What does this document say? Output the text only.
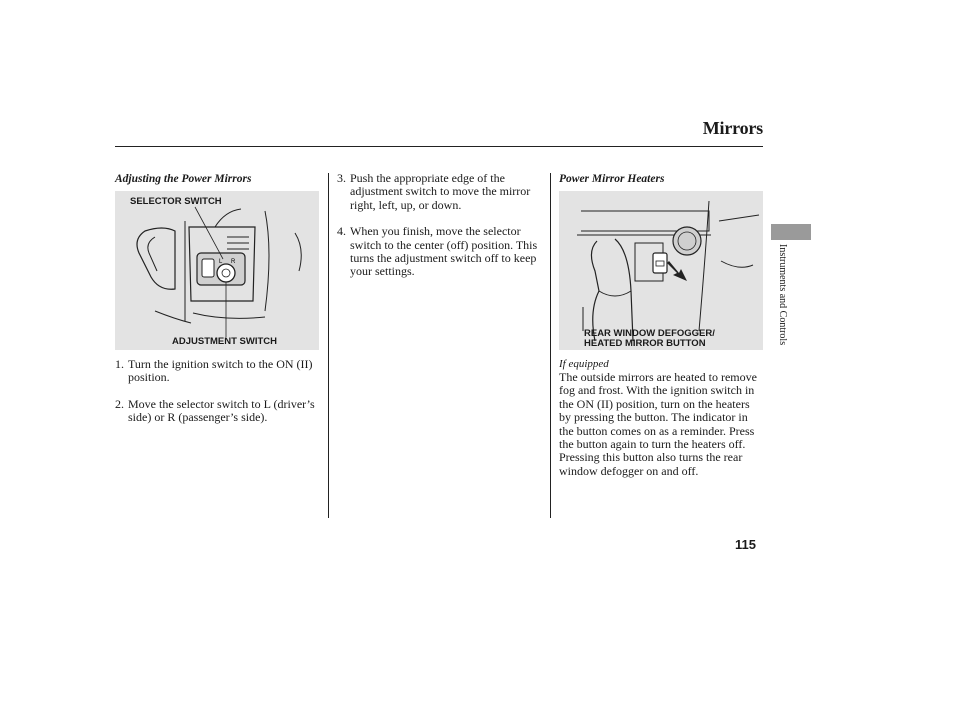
Mirrors
Instruments and Controls
Adjusting the Power Mirrors
L R
SELECTOR SWITCH
ADJUSTMENT SWITCH
1. Turn the ignition switch to the ON (II) position.
2. Move the selector switch to L (driver’s side) or R (passenger’s side).
3. Push the appropriate edge of the adjustment switch to move the mirror right, left, up, or down.
4. When you finish, move the selector switch to the center (off) position. This turns the adjustment switch off to keep your settings.
Power Mirror Heaters
REAR WINDOW DEFOGGER/
HEATED MIRROR BUTTON
If equipped
The outside mirrors are heated to remove fog and frost. With the ignition switch in the ON (II) position, turn on the heaters by pressing the button. The indicator in the button comes on as a reminder. Press the button again to turn the heaters off. Pressing this button also turns the rear window defogger on and off.
115
